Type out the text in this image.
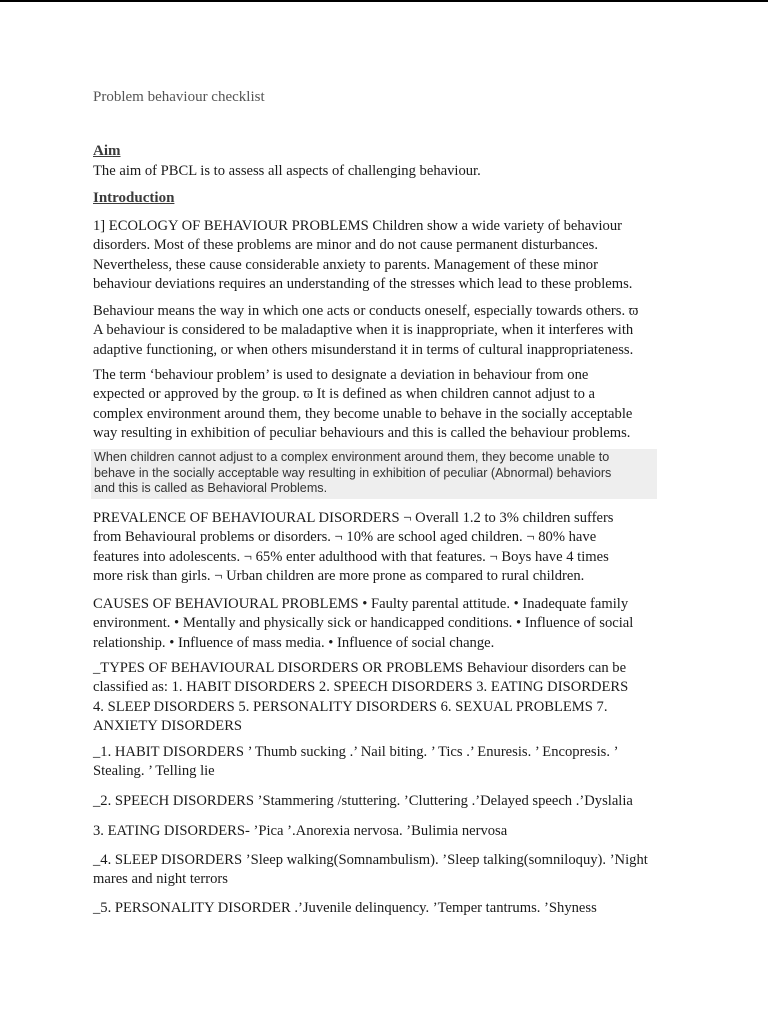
Problem behaviour checklist
Aim
The aim of PBCL is to assess all aspects of challenging behaviour.
Introduction
1] ECOLOGY OF BEHAVIOUR PROBLEMS Children show a wide variety of behaviour
disorders. Most of these problems are minor and do not cause permanent disturbances.
Nevertheless, these cause considerable anxiety to parents. Management of these minor
behaviour deviations requires an understanding of the stresses which lead to these problems.
Behaviour means the way in which one acts or conducts oneself, especially towards others. ϖ
A behaviour is considered to be maladaptive when it is inappropriate, when it interferes with
adaptive functioning, or when others misunderstand it in terms of cultural inappropriateness.
The term ‘behaviour problem’ is used to designate a deviation in behaviour from one
expected or approved by the group. ϖ It is defined as when children cannot adjust to a
complex environment around them, they become unable to behave in the socially acceptable
way resulting in exhibition of peculiar behaviours and this is called the behaviour problems.
When children cannot adjust to a complex environment around them, they become unable to
behave in the socially acceptable way resulting in exhibition of peculiar (Abnormal) behaviors
and this is called as Behavioral Problems.
PREVALENCE OF BEHAVIOURAL DISORDERS ¬ Overall 1.2 to 3% children suffers
from Behavioural problems or disorders. ¬ 10% are school aged children. ¬ 80% have
features into adolescents. ¬ 65% enter adulthood with that features. ¬ Boys have 4 times
more risk than girls. ¬ Urban children are more prone as compared to rural children.
CAUSES OF BEHAVIOURAL PROBLEMS • Faulty parental attitude. • Inadequate family
environment. • Mentally and physically sick or handicapped conditions. • Influence of social
relationship. • Influence of mass media. • Influence of social change.
_TYPES OF BEHAVIOURAL DISORDERS OR PROBLEMS Behaviour disorders can be
classified as: 1. HABIT DISORDERS 2. SPEECH DISORDERS 3. EATING DISORDERS
4. SLEEP DISORDERS 5. PERSONALITY DISORDERS 6. SEXUAL PROBLEMS 7.
ANXIETY DISORDERS
_1. HABIT DISORDERS ’ Thumb sucking .’ Nail biting. ’ Tics .’ Enuresis. ’ Encopresis. ’
Stealing. ’ Telling lie
_2. SPEECH DISORDERS ’Stammering /stuttering. ’Cluttering .’Delayed speech .’Dyslalia
3. EATING DISORDERS- ’Pica ’.Anorexia nervosa. ’Bulimia nervosa
_4. SLEEP DISORDERS ’Sleep walking(Somnambulism). ’Sleep talking(somniloquy). ’Night
mares and night terrors
_5. PERSONALITY DISORDER .’Juvenile delinquency. ’Temper tantrums. ’Shyness
